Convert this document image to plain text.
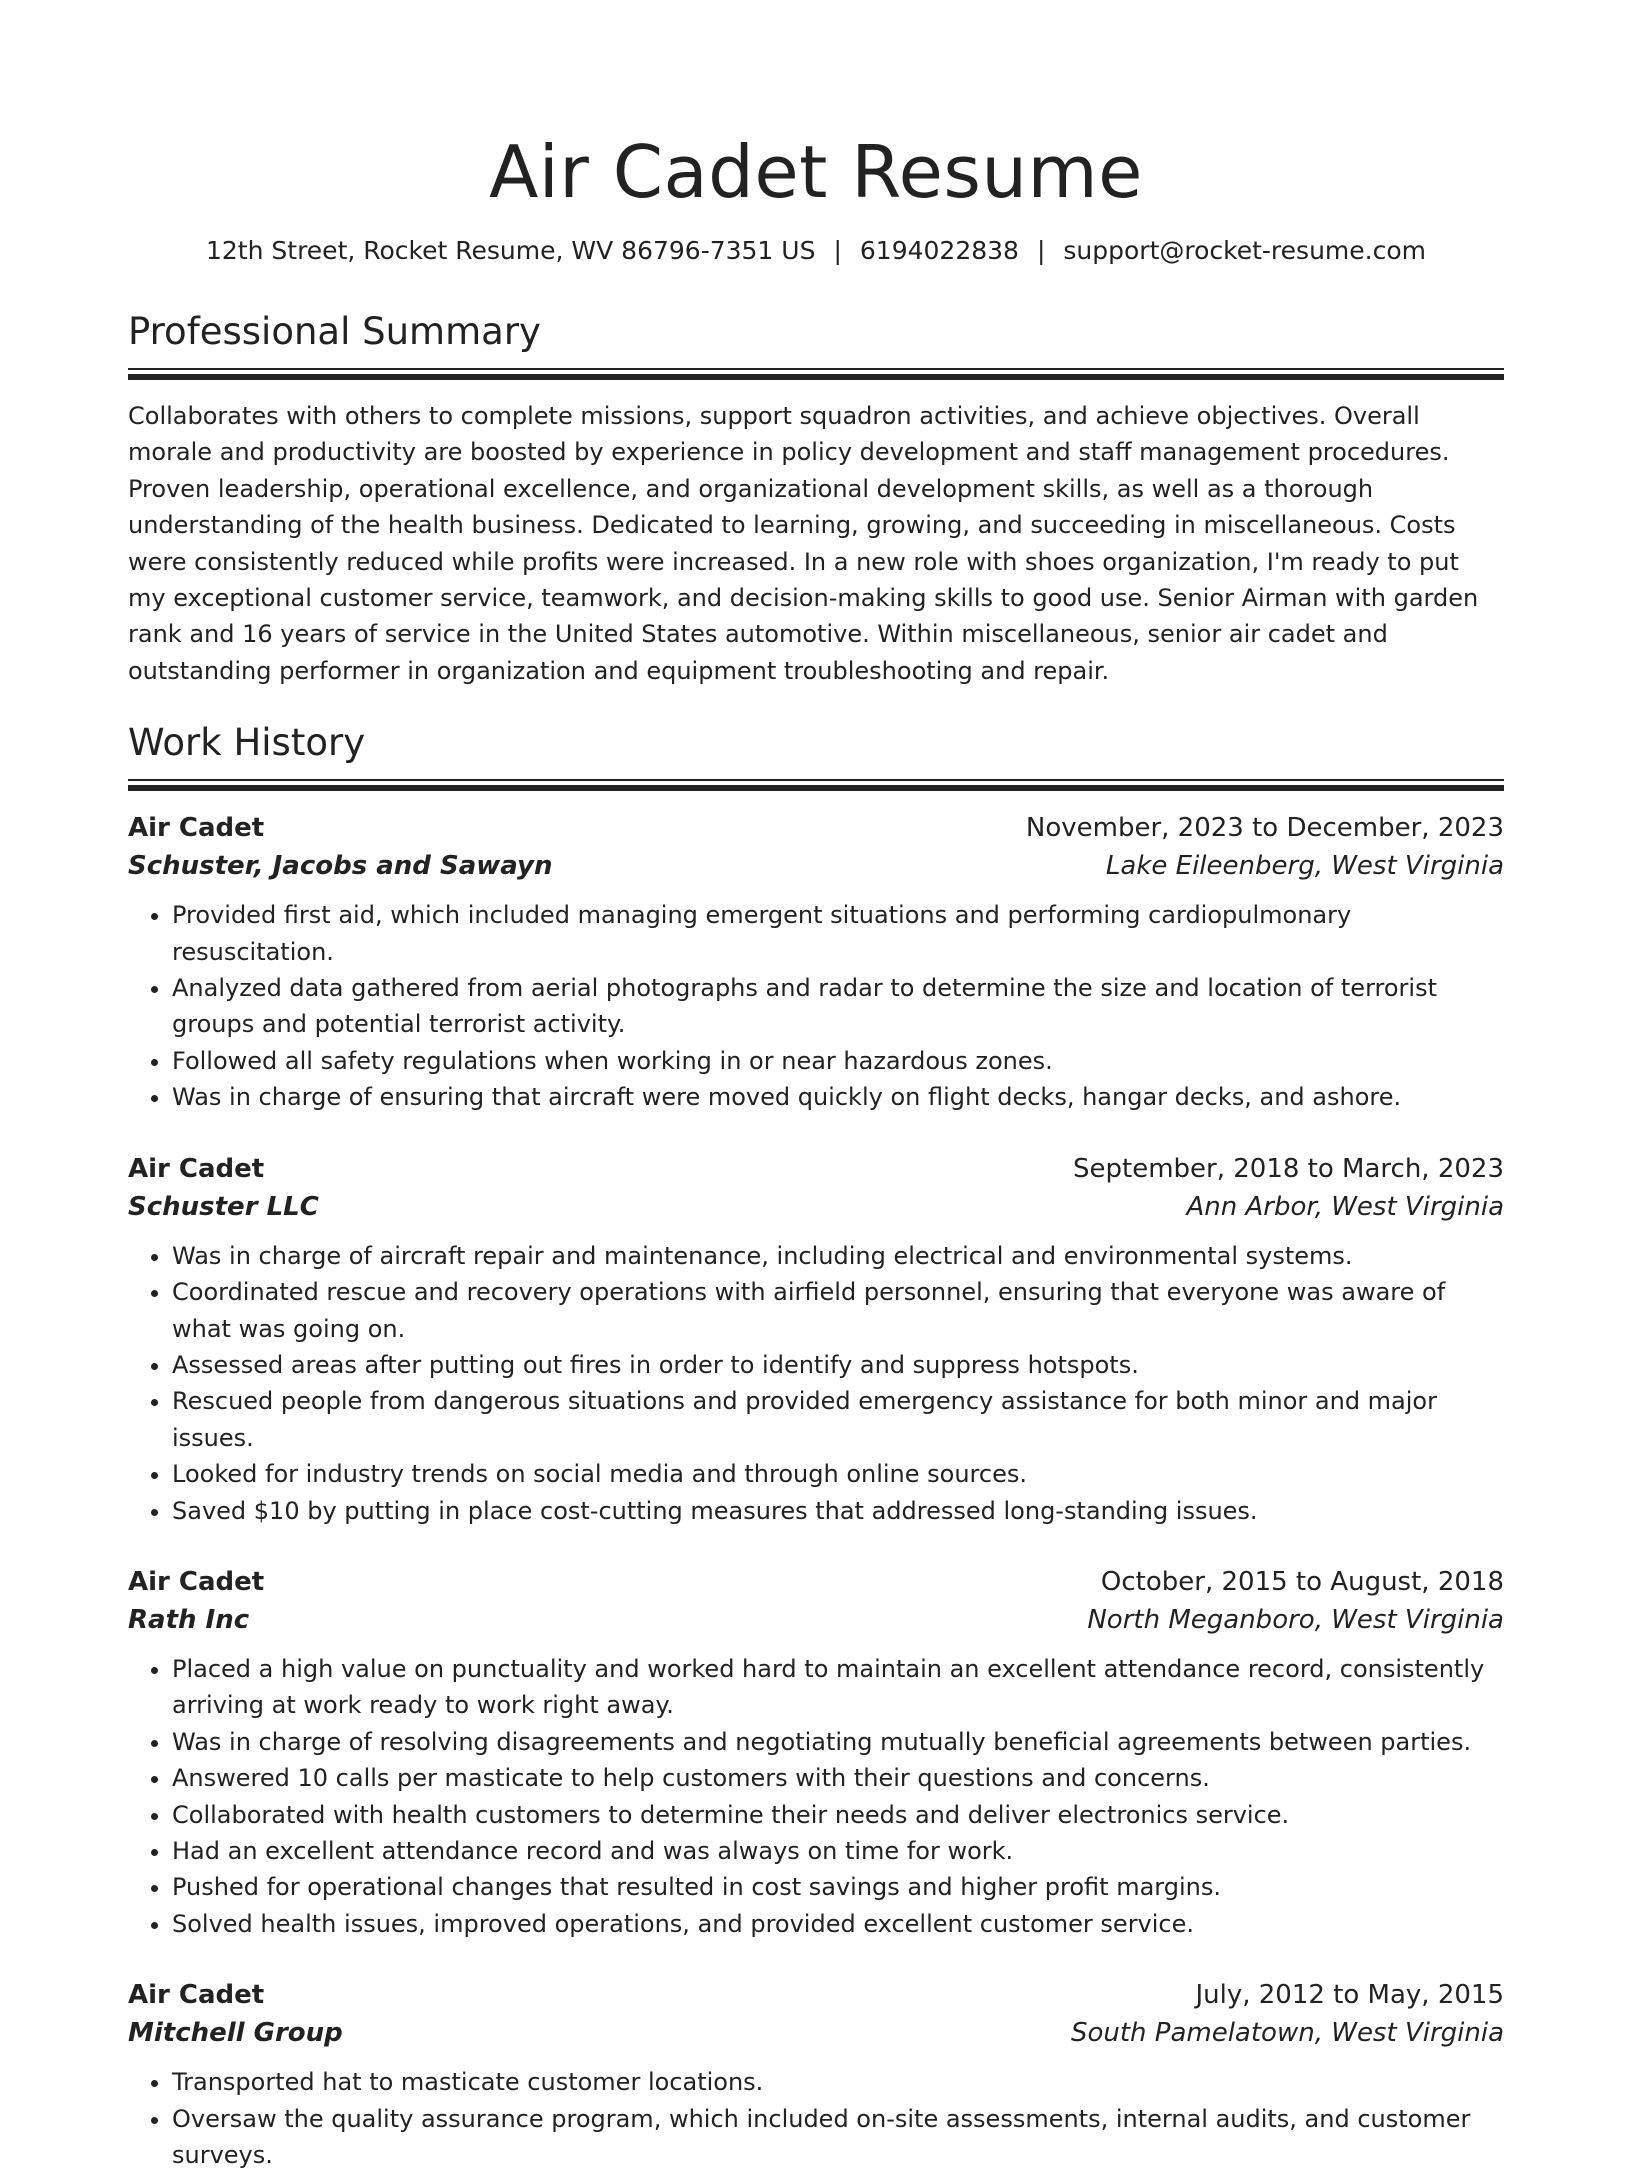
Air Cadet Resume
12th Street, Rocket Resume, WV 86796-7351 US | 6194022838 | support@rocket-resume.com
Professional Summary

Collaborates with others to complete missions, support squadron activities, and achieve objectives. Overall morale and productivity are boosted by experience in policy development and staff management procedures. Proven leadership, operational excellence, and organizational development skills, as well as a thorough understanding of the health business. Dedicated to learning, growing, and succeeding in miscellaneous. Costs were consistently reduced while profits were increased. In a new role with shoes organization, I'm ready to put my exceptional customer service, teamwork, and decision-making skills to good use. Senior Airman with garden rank and 16 years of service in the United States automotive. Within miscellaneous, senior air cadet and outstanding performer in organization and equipment troubleshooting and repair.

Work History
Air Cadet	November, 2023 to December, 2023
Schuster, Jacobs and Sawayn	Lake Eileenberg, West Virginia
• Provided first aid, which included managing emergent situations and performing cardiopulmonary resuscitation.
• Analyzed data gathered from aerial photographs and radar to determine the size and location of terrorist groups and potential terrorist activity.
• Followed all safety regulations when working in or near hazardous zones.
• Was in charge of ensuring that aircraft were moved quickly on flight decks, hangar decks, and ashore.
Air Cadet	September, 2018 to March, 2023
Schuster LLC	Ann Arbor, West Virginia
• Was in charge of aircraft repair and maintenance, including electrical and environmental systems.
• Coordinated rescue and recovery operations with airfield personnel, ensuring that everyone was aware of what was going on.
• Assessed areas after putting out fires in order to identify and suppress hotspots.
• Rescued people from dangerous situations and provided emergency assistance for both minor and major issues.
• Looked for industry trends on social media and through online sources.
• Saved $10 by putting in place cost-cutting measures that addressed long-standing issues.
Air Cadet	October, 2015 to August, 2018
Rath Inc	North Meganboro, West Virginia
• Placed a high value on punctuality and worked hard to maintain an excellent attendance record, consistently arriving at work ready to work right away.
• Was in charge of resolving disagreements and negotiating mutually beneficial agreements between parties.
• Answered 10 calls per masticate to help customers with their questions and concerns.
• Collaborated with health customers to determine their needs and deliver electronics service.
• Had an excellent attendance record and was always on time for work.
• Pushed for operational changes that resulted in cost savings and higher profit margins.
• Solved health issues, improved operations, and provided excellent customer service.
Air Cadet	July, 2012 to May, 2015
Mitchell Group	South Pamelatown, West Virginia
• Transported hat to masticate customer locations.
• Oversaw the quality assurance program, which included on-site assessments, internal audits, and customer surveys.
